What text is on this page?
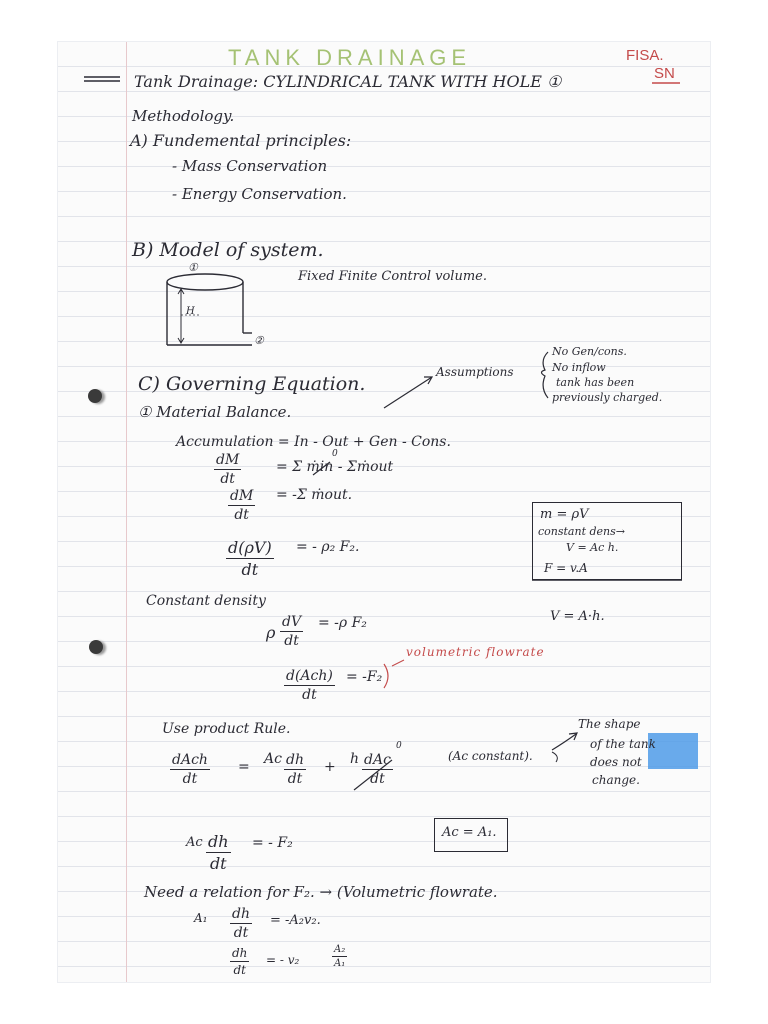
TANK DRAINAGE	FISA.
SN
Tank Drainage: CYLINDRICAL TANK WITH HOLE ①
Methodology.
A) Fundemental principles:
- Mass Conservation
- Energy Conservation.
B) Model of system.
①
H
②
Fixed Finite Control volume.
C) Governing Equation.
① Material Balance.
Assumptions
No Gen/cons.
No inflow
tank has been
previously charged.
Accumulation = In - Out + Gen - Cons.
$\frac{dM}{dt} = \Sigma$ ṁin - Σṁout
0
$\frac{dM}{dt} = -\Sigma$ ṁout.
$\frac{d(\rho V)}{dt}$ = - ρ₂ F₂.
m = ρV
constant dens→
V = Ac h.
F = v.A
Constant density
ρ $\frac{dV}{dt} = -\rho$ F₂	V = A·h.
d(Ach)
dt
= -F₂
volumetric flowrate
Use product Rule.
dAch
dt
= Ac $\frac{dh}{dt} + h$ dAc
dt
0
(Ac constant).
The shape
of the tank
does not
change.
Ac $\frac{dh}{dt}$ = - F₂
Ac = A₁.
Need a relation for F₂. → (Volumetric flowrate.
$A_1 \frac{dh}{dt} = -A_2v_2$.
$\frac{dh}{dt}$ = - v₂	$\frac{\text{A₂}}{\text{A₁}}$
